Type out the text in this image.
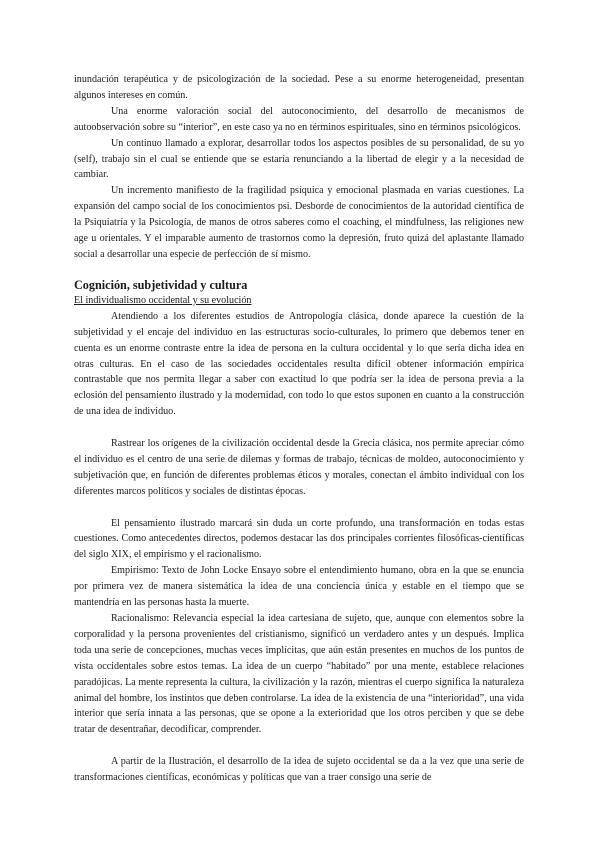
inundación terapéutica y de psicologización de la sociedad. Pese a su enorme heterogeneidad, presentan algunos intereses en común.

Una enorme valoración social del autoconocimiento, del desarrollo de mecanismos de autoobservación sobre su “interior”, en este caso ya no en términos espirituales, sino en términos psicológicos.

Un continuo llamado a explorar, desarrollar todos los aspectos posibles de su personalidad, de su yo (self), trabajo sin el cual se entiende que se estaría renunciando a la libertad de elegir y a la necesidad de cambiar.

Un incremento manifiesto de la fragilidad psíquica y emocional plasmada en varias cuestiones. La expansión del campo social de los conocimientos psi. Desborde de conocimientos de la autoridad científica de la Psiquiatría y la Psicología, de manos de otros saberes como el coaching, el mindfulness, las religiones new age u orientales. Y el imparable aumento de trastornos como la depresión, fruto quizá del aplastante llamado social a desarrollar una especie de perfección de sí mismo.

Cognición, subjetividad y cultura

El individualismo occidental y su evolución

Atendiendo a los diferentes estudios de Antropología clásica, donde aparece la cuestión de la subjetividad y el encaje del individuo en las estructuras socio-culturales, lo primero que debemos tener en cuenta es un enorme contraste entre la idea de persona en la cultura occidental y lo que sería dicha idea en otras culturas. En el caso de las sociedades occidentales resulta difícil obtener información empírica contrastable que nos permita llegar a saber con exactitud lo que podría ser la idea de persona previa a la eclosión del pensamiento ilustrado y la modernidad, con todo lo que estos suponen en cuanto a la construcción de una idea de individuo.

Rastrear los orígenes de la civilización occidental desde la Grecia clásica, nos permite apreciar cómo el individuo es el centro de una serie de dilemas y formas de trabajo, técnicas de moldeo, autoconocimiento y subjetivación que, en función de diferentes problemas éticos y morales, conectan el ámbito individual con los diferentes marcos políticos y sociales de distintas épocas.

El pensamiento ilustrado marcará sin duda un corte profundo, una transformación en todas estas cuestiones. Como antecedentes directos, podemos destacar las dos principales corrientes filosóficas-científicas del siglo XIX, el empirismo y el racionalismo.

Empirismo: Texto de John Locke Ensayo sobre el entendimiento humano, obra en la que se enuncia por primera vez de manera sistemática la idea de una conciencia única y estable en el tiempo que se mantendría en las personas hasta la muerte.

Racionalismo: Relevancia especial la idea cartesiana de sujeto, que, aunque con elementos sobre la corporalidad y la persona provenientes del cristianismo, significó un verdadero antes y un después. Implica toda una serie de concepciones, muchas veces implícitas, que aún están presentes en muchos de los puntos de vista occidentales sobre estos temas. La idea de un cuerpo “habitado” por una mente, establece relaciones paradójicas. La mente representa la cultura, la civilización y la razón, mientras el cuerpo significa la naturaleza animal del hombre, los instintos que deben controlarse. La idea de la existencia de una “interioridad”, una vida interior que sería innata a las personas, que se opone a la exterioridad que los otros perciben y que se debe tratar de desentrañar, decodificar, comprender.

A partir de la Ilustración, el desarrollo de la idea de sujeto occidental se da a la vez que una serie de transformaciones científicas, económicas y políticas que van a traer consigo una serie de
